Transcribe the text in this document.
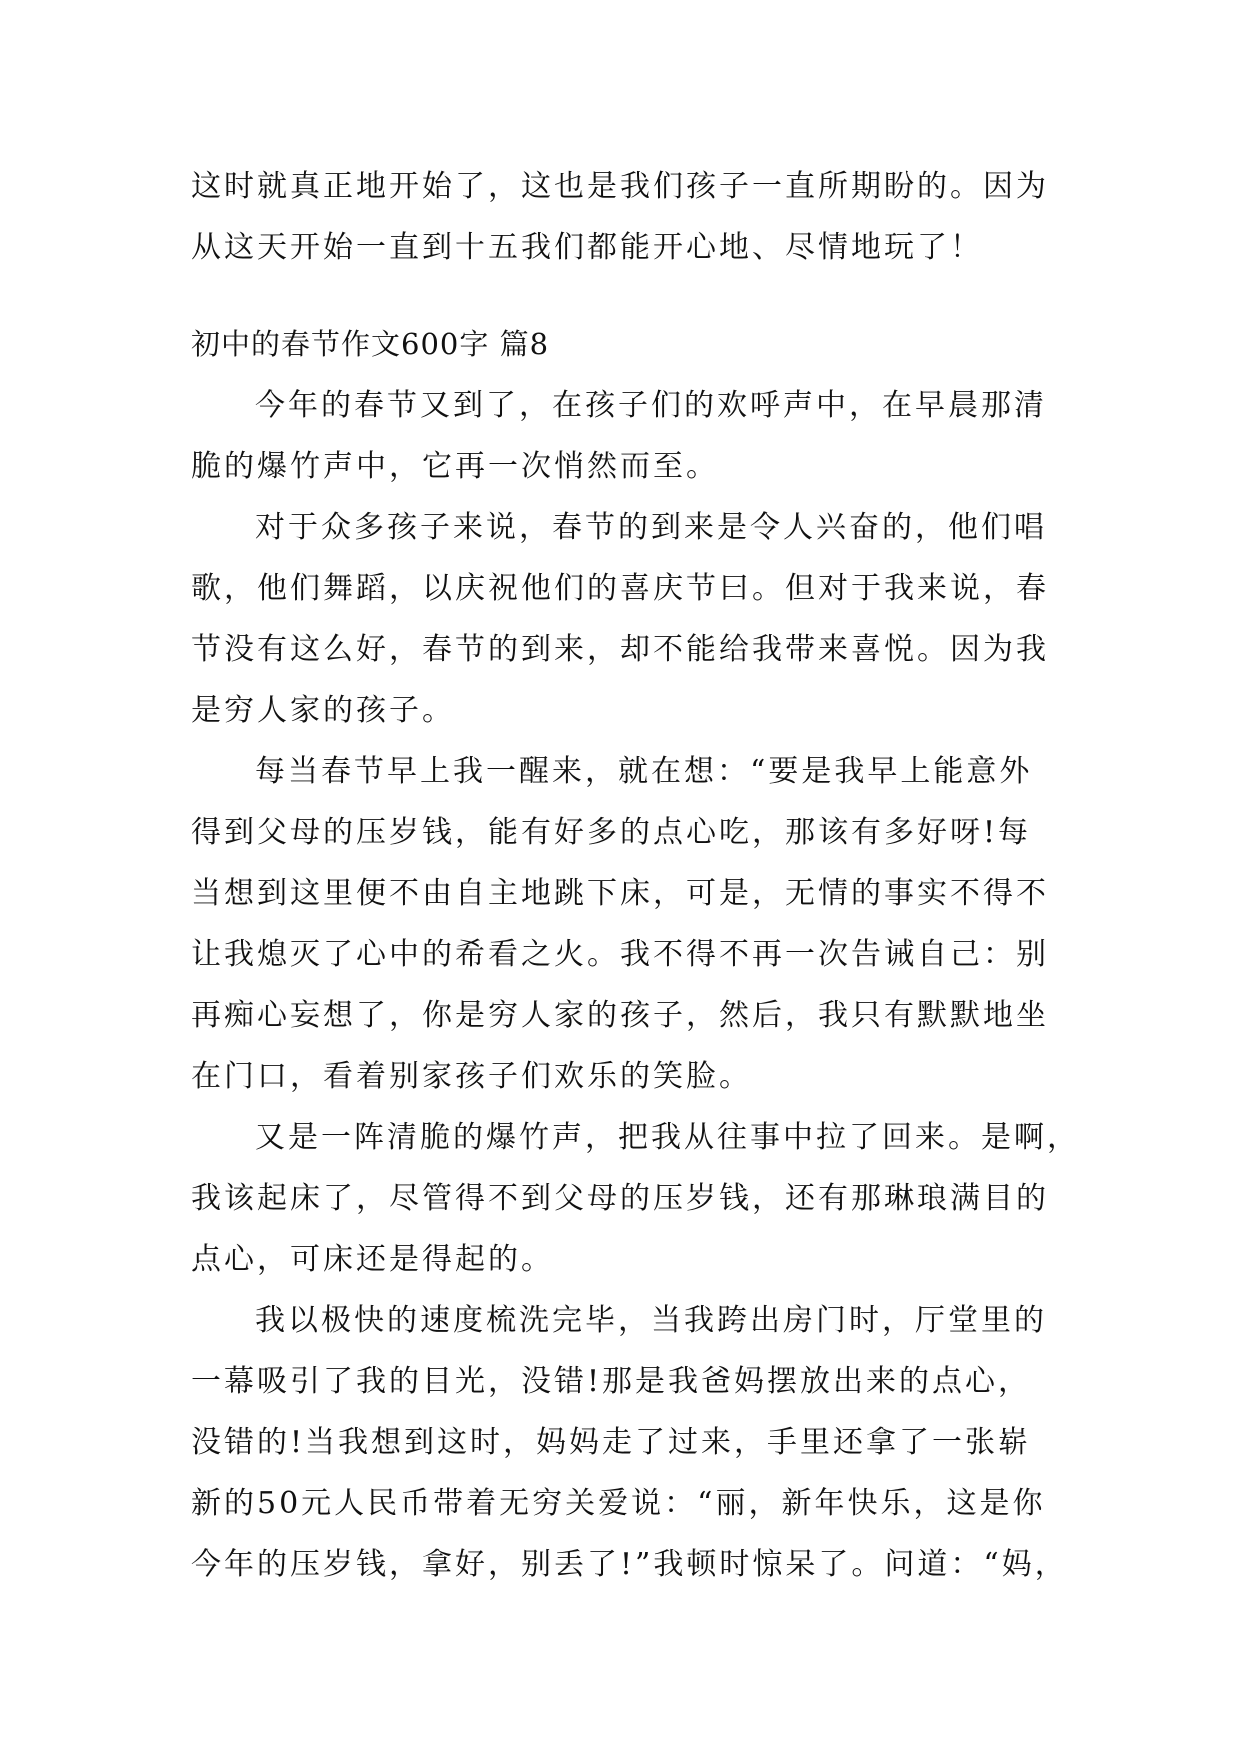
这时就真正地开始了，这也是我们孩子一直所期盼的。因为
从这天开始一直到十五我们都能开心地、尽情地玩了！
初中的春节作文600字 篇8
今年的春节又到了，在孩子们的欢呼声中，在早晨那清
脆的爆竹声中，它再一次悄然而至。
对于众多孩子来说，春节的到来是令人兴奋的，他们唱
歌，他们舞蹈，以庆祝他们的喜庆节曰。但对于我来说，春
节没有这么好，春节的到来，却不能给我带来喜悦。因为我
是穷人家的孩子。
每当春节早上我一醒来，就在想：“要是我早上能意外
得到父母的压岁钱，能有好多的点心吃，那该有多好呀!每
当想到这里便不由自主地跳下床，可是，无情的事实不得不
让我熄灭了心中的希看之火。我不得不再一次告诫自己：别
再痴心妄想了，你是穷人家的孩子，然后，我只有默默地坐
在门口，看着别家孩子们欢乐的笑脸。
又是一阵清脆的爆竹声，把我从往事中拉了回来。是啊，
我该起床了，尽管得不到父母的压岁钱，还有那琳琅满目的
点心，可床还是得起的。
我以极快的速度梳洗完毕，当我跨出房门时，厅堂里的
一幕吸引了我的目光，没错!那是我爸妈摆放出来的点心，
没错的!当我想到这时，妈妈走了过来，手里还拿了一张崭
新的50元人民币带着无穷关爱说：“丽，新年快乐，这是你
今年的压岁钱，拿好，别丢了!”我顿时惊呆了。问道：“妈，
